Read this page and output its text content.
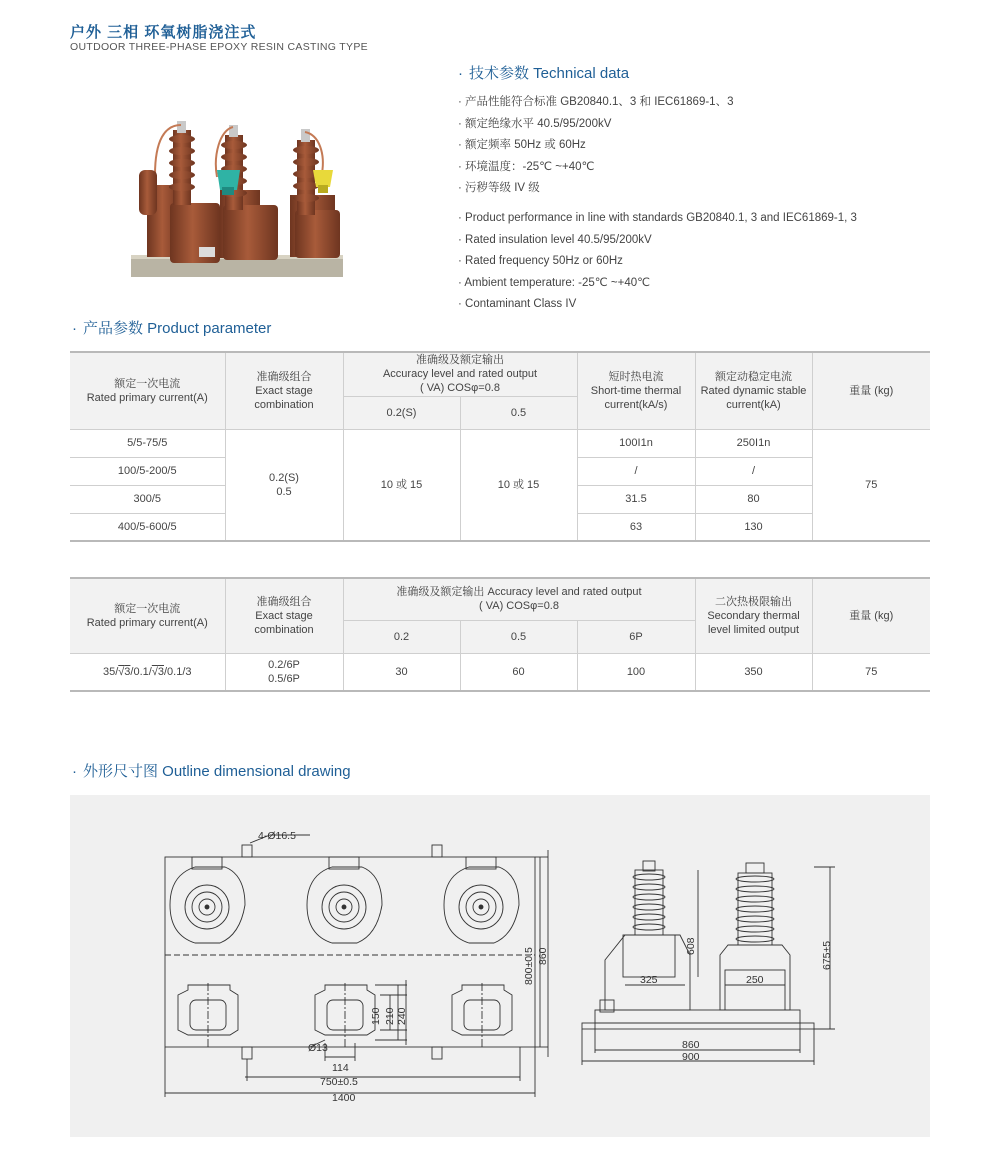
户外 三相 环氧树脂浇注式
OUTDOOR THREE-PHASE EPOXY RESIN CASTING TYPE
· 技术参数 Technical data
· 产品性能符合标准 GB20840.1、3 和 IEC61869-1、3
· 额定绝缘水平 40.5/95/200kV
· 额定频率 50Hz 或 60Hz
· 环境温度：-25℃ ~+40℃
· 污秽等级 IV 级
· Product performance in line with standards GB20840.1, 3 and IEC61869-1, 3
· Rated insulation level 40.5/95/200kV
· Rated frequency 50Hz or 60Hz
· Ambient temperature: -25℃ ~+40℃
· Contaminant Class IV
· 产品参数 Product parameter
额定一次电流
Rated primary current(A)	准确级组合
Exact stage
combination	准确级及额定输出
Accuracy level and rated output
( VA) COSφ=0.8		短时热电流
Short-time thermal
current(kA/s)	额定动稳定电流
Rated dynamic stable
current(kA)	重量 (kg)
		0.2(S)	0.5			
5/5-75/5	0.2(S)
0.5	10 或 15	10 或 15	100I1n	250I1n	75
100/5-200/5				/	/	
300/5				31.5	80	
400/5-600/5				63	130	
额定一次电流
Rated primary current(A)	准确级组合
Exact stage
combination	准确级及额定输出 Accuracy level and rated output
( VA) COSφ=0.8			二次热极限输出
Secondary thermal
level limited output	重量 (kg)
		0.2	0.5	6P		
35/√3/0.1/√3/0.1/3	0.2/6P
0.5/6P	30	60	100	350	75
· 外形尺寸图 Outline dimensional drawing
4-Ø16.5
800±0.5 860
150 210 240
Ø13
114
750±0.5
1400
608
325	250
675±5
860
900
